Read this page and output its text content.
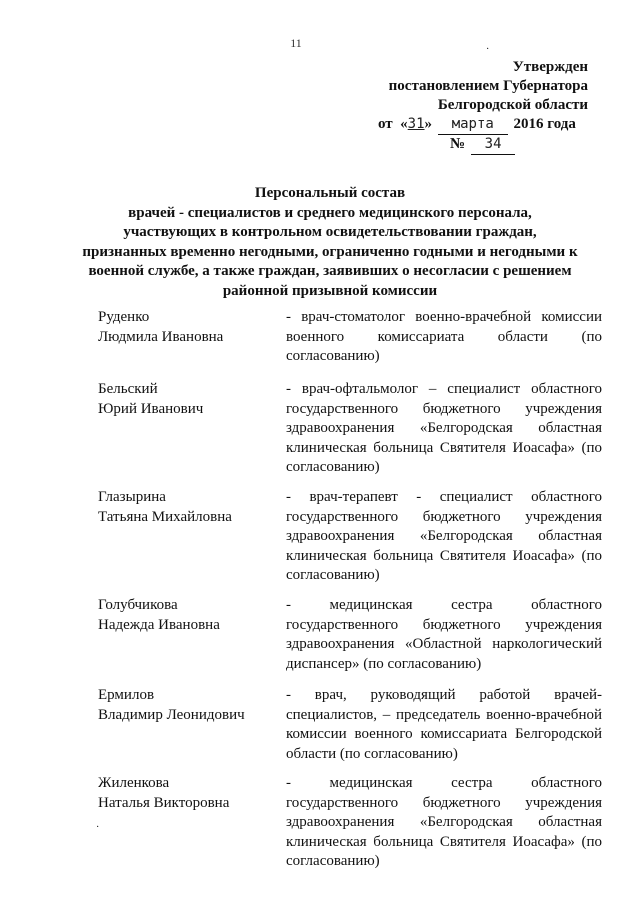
11	·
Утвержден
постановлением Губернатора
Белгородской области
от  «31» марта 2016 года
№ 34
Персональный состав
врачей - специалистов и среднего медицинского персонала,
участвующих в контрольном освидетельствовании граждан,
признанных временно негодными, ограниченно годными и негодными к
военной службе, а также граждан, заявивших о несогласии с решением
районной призывной комиссии
Руденко
Людмила Ивановна
- врач-стоматолог военно-врачебной комиссии военного комиссариата области (по согласованию)
Бельский
Юрий Иванович
- врач-офтальмолог – специалист областного государственного бюджетного учреждения здравоохранения «Белгородская областная клиническая больница Святителя Иоасафа» (по согласованию)
Глазырина
Татьяна Михайловна
- врач-терапевт - специалист областного государственного бюджетного учреждения здравоохранения «Белгородская областная клиническая больница Святителя Иоасафа» (по согласованию)
Голубчикова
Надежда Ивановна
- медицинская сестра областного государственного бюджетного учреждения здравоохранения «Областной наркологический диспансер» (по согласованию)
Ермилов
Владимир Леонидович
- врач, руководящий работой врачей-специалистов, – председатель военно-врачебной комиссии военного комиссариата Белгородской области (по согласованию)
Жиленкова
Наталья Викторовна
- медицинская сестра областного государственного бюджетного учреждения здравоохранения «Белгородская областная клиническая больница Святителя Иоасафа» (по согласованию)
·
